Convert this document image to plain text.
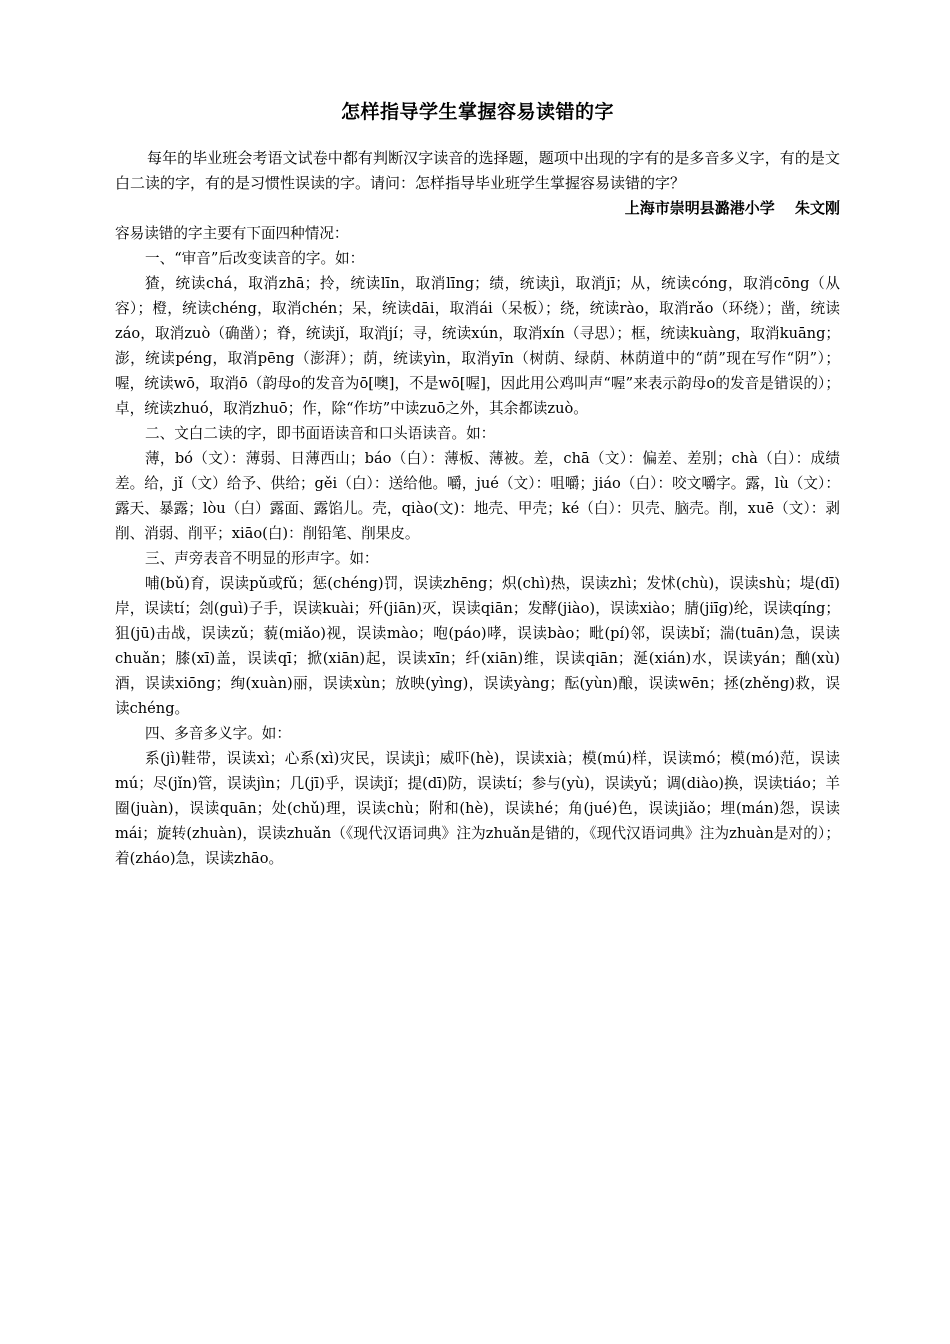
怎样指导学生掌握容易读错的字

每年的毕业班会考语文试卷中都有判断汉字读音的选择题，题项中出现的字有的是多音多义字，有的是文白二读的字，有的是习惯性误读的字。请问：怎样指导毕业班学生掌握容易读错的字？

上海市崇明县潞港小学　 朱文刚

容易读错的字主要有下面四种情况：

一、“审音”后改变读音的字。如：

猹，统读chá，取消zhā；拎，统读līn，取消līng；绩，统读jì，取消jī；从，统读cóng，取消cōng（从容）；橙，统读chéng，取消chén；呆，统读dāi，取消ái（呆板）；绕，统读rào，取消rǎo（环绕）；凿，统读záo，取消zuò（确凿）；脊，统读jǐ，取消jí；寻，统读xún，取消xín（寻思）；框，统读kuàng，取消kuāng；澎，统读péng，取消pēng（澎湃）；荫，统读yìn，取消yīn（树荫、绿荫、林荫道中的“荫”现在写作“阴”）；喔，统读wō，取消ō（韵母o的发音为ō[噢]，不是wō[喔]，因此用公鸡叫声“喔”来表示韵母o的发音是错误的）；卓，统读zhuó，取消zhuō；作，除“作坊”中读zuō之外，其余都读zuò。

二、文白二读的字，即书面语读音和口头语读音。如：

薄，bó（文）：薄弱、日薄西山；báo（白）：薄板、薄被。差，chā（文）：偏差、差别；chà（白）：成绩差。给，jǐ（文）给予、供给；gěi（白）：送给他。嚼，jué（文）：咀嚼；jiáo（白）：咬文嚼字。露，lù（文）：露天、暴露；lòu（白）露面、露馅儿。壳，qiào(文)：地壳、甲壳；ké（白）：贝壳、脑壳。削，xuē（文）：剥削、消弱、削平；xiāo(白)：削铅笔、削果皮。

三、声旁表音不明显的形声字。如：

哺(bǔ)育，误读pǔ或fǔ；惩(chéng)罚，误读zhēng；炽(chì)热，误读zhì；发怵(chù)，误读shù；堤(dī)岸，误读tí；刽(guì)子手，误读kuài；歼(jiān)灭，误读qiān；发酵(jiào)，误读xiào；腈(jiīg)纶，误读qíng；狙(jū)击战，误读zǔ；藐(miǎo)视，误读mào；咆(páo)哮，误读bào；毗(pí)邻，误读bǐ；湍(tuān)急，误读chuǎn；膝(xī)盖，误读qī；掀(xiān)起，误读xīn；纤(xiān)维，误读qiān；涎(xián)水，误读yán；酗(xù)酒，误读xiōng；绚(xuàn)丽，误读xùn；放映(yìng)，误读yàng；酝(yùn)酿，误读wēn；拯(zhěng)救，误读chéng。

四、多音多义字。如：

系(jì)鞋带，误读xì；心系(xì)灾民，误读jì；威吓(hè)，误读xià；模(mú)样，误读mó；模(mó)范，误读mú；尽(jǐn)管，误读jìn；几(jī)乎，误读jǐ；提(dī)防，误读tí；参与(yù)，误读yǔ；调(diào)换，误读tiáo；羊圈(juàn)，误读quān；处(chǔ)理，误读chù；附和(hè)，误读hé；角(jué)色，误读jiǎo；埋(mán)怨，误读mái；旋转(zhuàn)，误读zhuǎn（《现代汉语词典》注为zhuǎn是错的，《现代汉语词典》注为zhuàn是对的）；着(zháo)急，误读zhāo。
